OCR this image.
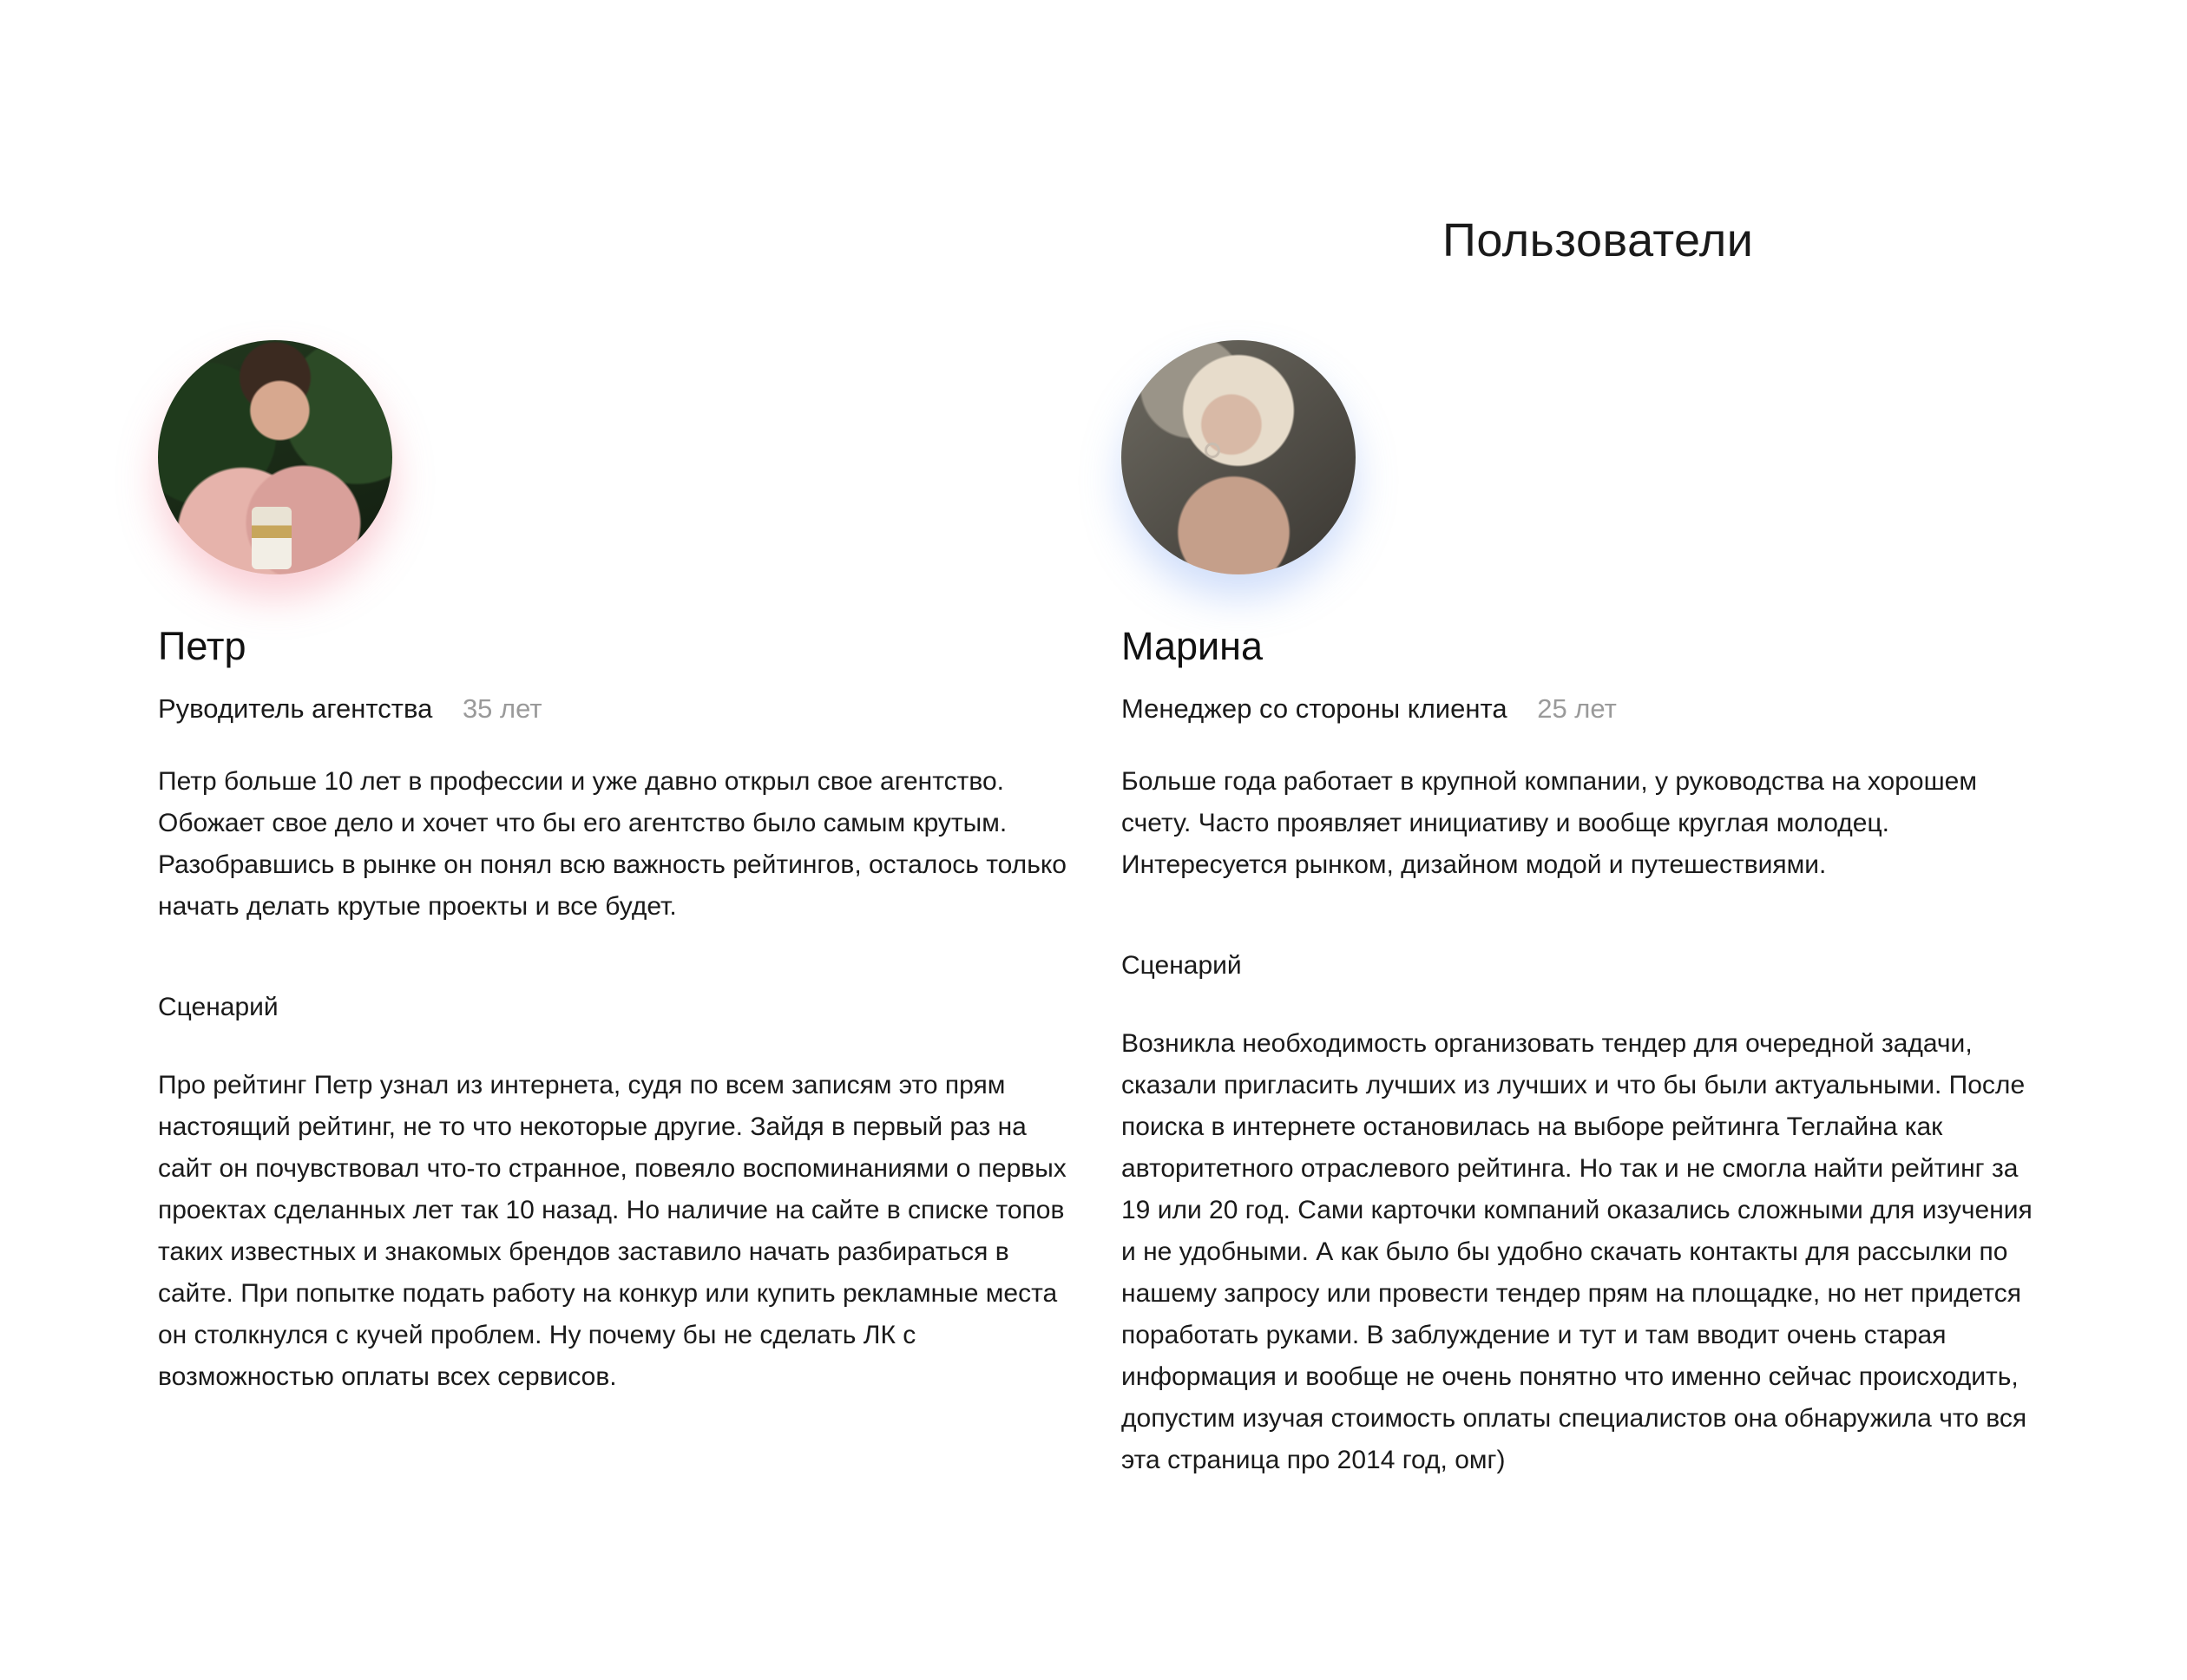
Пользователи
Петр
Руводитель агентства 35 лет

Петр больше 10 лет в профессии и уже давно открыл свое агентство. Обожает свое дело и хочет что бы его агентство было самым крутым. Разобравшись в рынке он понял всю важность рейтингов, осталось только начать делать крутые проекты и все будет.

Сценарий

Про рейтинг Петр узнал из интернета, судя по всем записям это прям настоящий рейтинг, не то что некоторые другие. Зайдя в первый раз на сайт он почувствовал что-то странное, повеяло воспоминаниями о первых проектах сделанных лет так 10 назад. Но наличие на сайте в списке топов таких известных и знакомых брендов заставило начать разбираться в сайте. При попытке подать работу на конкур или купить рекламные места он столкнулся с кучей проблем. Ну почему бы не сделать ЛК с возможностью оплаты всех сервисов.

Марина
Менеджер со стороны клиента 25 лет

Больше года работает в крупной компании, у руководства на хорошем счету. Часто проявляет инициативу и вообще круглая молодец. Интересуется рынком, дизайном модой и путешествиями.

Сценарий

Возникла необходимость организовать тендер для очередной задачи, сказали пригласить лучших из лучших и что бы были актуальными. После поиска в интернете остановилась на выборе рейтинга Теглайна как авторитетного отраслевого рейтинга. Но так и не смогла найти рейтинг за 19 или 20 год. Сами карточки компаний оказались сложными для изучения и не удобными. А как было бы удобно скачать контакты для рассылки по нашему запросу или провести тендер прям на площадке, но нет придется поработать руками. В заблуждение и тут и там вводит очень старая информация и вообще не очень понятно что именно сейчас происходить, допустим изучая стоимость оплаты специалистов она обнаружила что вся эта страница про 2014 год, омг)
